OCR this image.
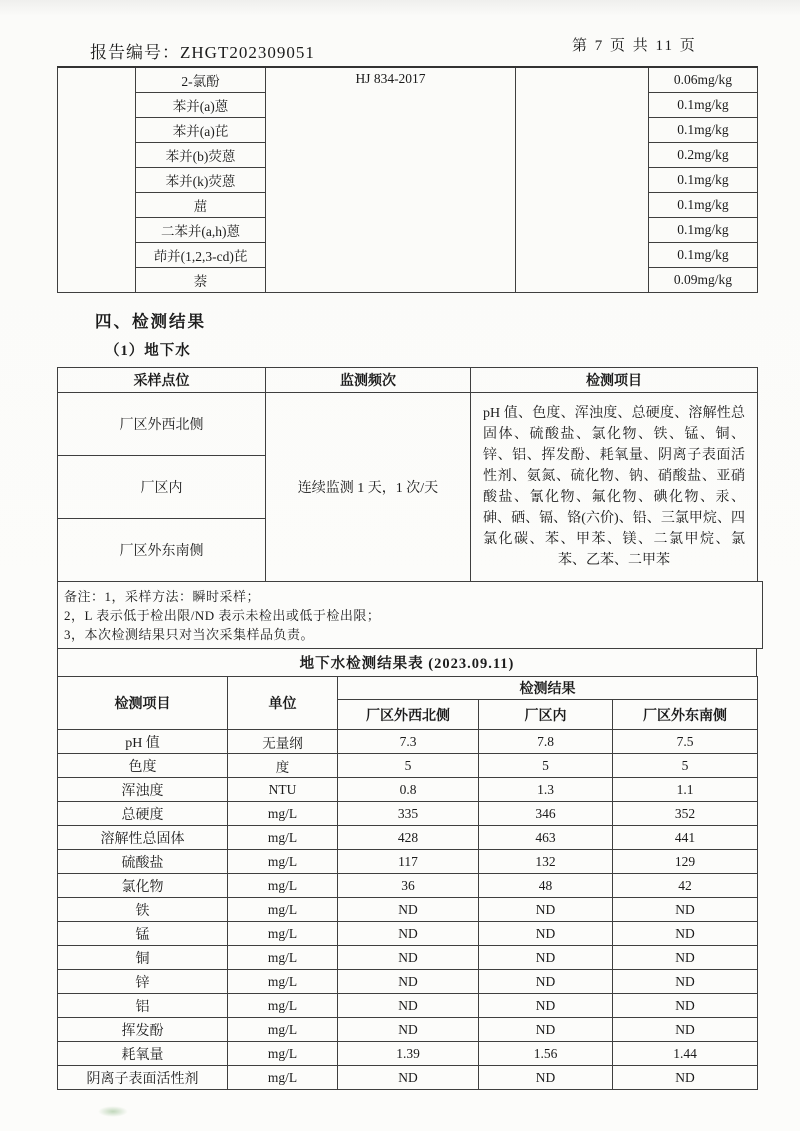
报告编号：ZHGT202309051	第 7 页 共 11 页
	2-氯酚	HJ 834-2017		0.06mg/kg
	苯并(a)蒽			0.1mg/kg
	苯并(a)芘			0.1mg/kg
	苯并(b)荧蒽			0.2mg/kg
	苯并(k)荧蒽			0.1mg/kg
	䓛			0.1mg/kg
	二苯并(a,h)蒽			0.1mg/kg
	茚并(1,2,3-cd)芘			0.1mg/kg
	萘			0.09mg/kg
四、检测结果
（1）地下水
采样点位	监测频次	检测项目
厂区外西北侧	连续监测 1 天，1 次/天	pH 值、色度、浑浊度、总硬度、溶解性总固体、硫酸盐、氯化物、铁、锰、铜、锌、铝、挥发酚、耗氧量、阴离子表面活性剂、氨氮、硫化物、钠、硝酸盐、亚硝酸盐、氰化物、氟化物、碘化物、汞、砷、硒、镉、铬(六价)、铅、三氯甲烷、四氯化碳、苯、甲苯、镁、二氯甲烷、氯苯、乙苯、二甲苯
厂区内		
厂区外东南侧		

备注：1，采样方法：瞬时采样；

2，L 表示低于检出限/ND 表示未检出或低于检出限；

3，本次检测结果只对当次采集样品负责。

地下水检测结果表 (2023.09.11)
检测项目	单位	检测结果		
		厂区外西北侧	厂区内	厂区外东南侧
pH 值	无量纲	7.3	7.8	7.5
色度	度	5	5	5
浑浊度	NTU	0.8	1.3	1.1
总硬度	mg/L	335	346	352
溶解性总固体	mg/L	428	463	441
硫酸盐	mg/L	117	132	129
氯化物	mg/L	36	48	42
铁	mg/L	ND	ND	ND
锰	mg/L	ND	ND	ND
铜	mg/L	ND	ND	ND
锌	mg/L	ND	ND	ND
铝	mg/L	ND	ND	ND
挥发酚	mg/L	ND	ND	ND
耗氧量	mg/L	1.39	1.56	1.44
阴离子表面活性剂	mg/L	ND	ND	ND
